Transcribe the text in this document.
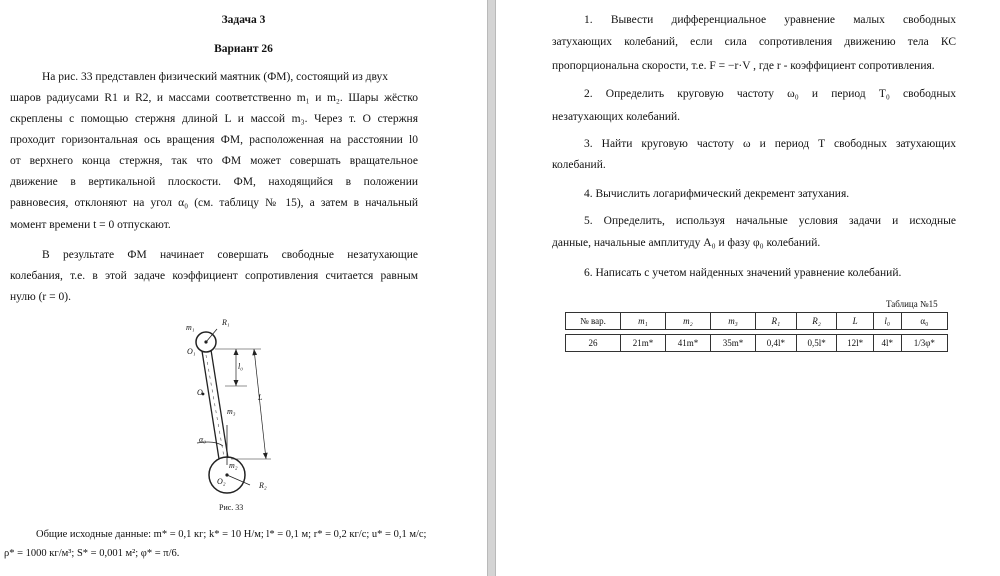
Задача 3
Вариант 26
На рис. 33 представлен физический маятник (ФМ), состоящий из двух
шаров радиусами R1 и R2, и массами соответственно m₁ и m₂. Шары жёстко
скреплены с помощью стержня длиной L и массой m₃. Через т. О стержня
проходит горизонтальная ось вращения ФМ, расположенная на расстоянии l0
от верхнего конца стержня, так что ФМ может совершать вращательное
движение в вертикальной плоскости. ФМ, находящийся в положении
равновесия, отклоняют на угол α₀ (см. таблицу № 15), а затем в начальный
момент времени t = 0 отпускают.
В результате ФМ начинает совершать свободные незатухающие
колебания, т.е. в этой задаче коэффициент сопротивления считается равным
нулю (r = 0).
m₁
R₁
O₁
l₀
O
m₃
L
α₀
m₂
O₂	R₂
Рис. 33
Общие исходные данные: m* = 0,1 кг; k* = 10 Н/м; l* = 0,1 м; r* = 0,2 кг/с; u* = 0,1 м/с;
ρ* = 1000 кг/м³; S* = 0,001 м²; φ* = π/6.
1. Вывести дифференциальное уравнение малых свободных
затухающих колебаний, если сила сопротивления движению тела КС
пропорциональна скорости, т.е. F = −r·V , где r - коэффициент сопротивления.
2. Определить круговую частоту ω₀ и период T₀ свободных
незатухающих колебаний.
3. Найти круговую частоту ω и период T свободных затухающих
колебаний.
4. Вычислить логарифмический декремент затухания.
5. Определить, используя начальные условия задачи и исходные
данные, начальные амплитуду A₀ и фазу φ₀ колебаний.
6. Написать с учетом найденных значений уравнение колебаний.
Таблица №15
№ вар.	m₁	m₂	m₃	R₁	R₂	L	l₀	α₀

26	21m*	41m*	35m*	0,4l*	0,5l*	12l*	4l*	1/3φ*
